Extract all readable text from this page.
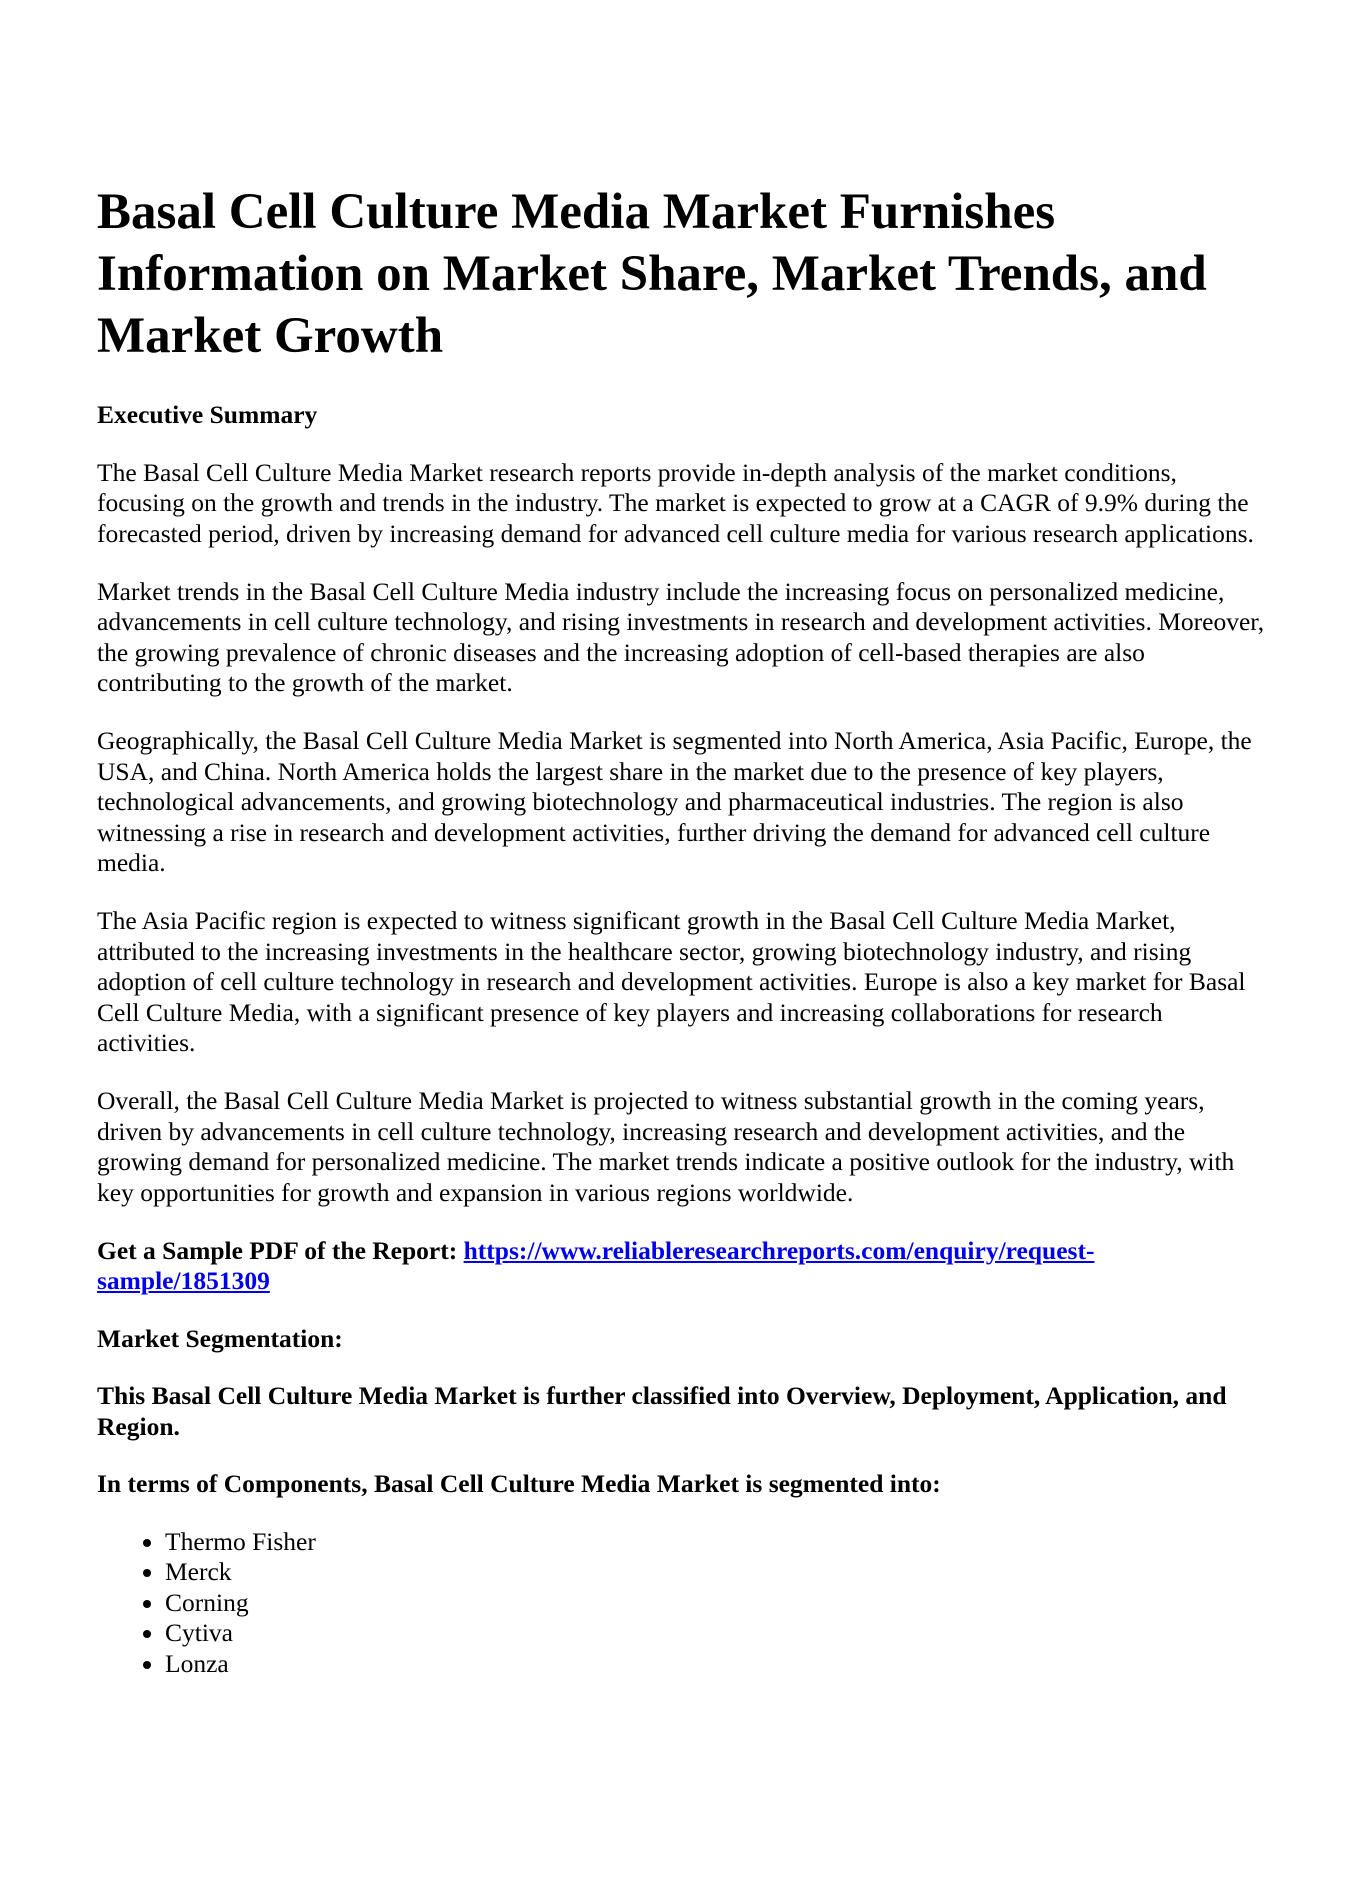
Basal Cell Culture Media Market Furnishes Information on Market Share, Market Trends, and Market Growth
Executive Summary

The Basal Cell Culture Media Market research reports provide in-depth analysis of the market conditions, focusing on the growth and trends in the industry. The market is expected to grow at a CAGR of 9.9% during the forecasted period, driven by increasing demand for advanced cell culture media for various research applications.

Market trends in the Basal Cell Culture Media industry include the increasing focus on personalized medicine, advancements in cell culture technology, and rising investments in research and development activities. Moreover, the growing prevalence of chronic diseases and the increasing adoption of cell-based therapies are also contributing to the growth of the market.

Geographically, the Basal Cell Culture Media Market is segmented into North America, Asia Pacific, Europe, the USA, and China. North America holds the largest share in the market due to the presence of key players, technological advancements, and growing biotechnology and pharmaceutical industries. The region is also witnessing a rise in research and development activities, further driving the demand for advanced cell culture media.

The Asia Pacific region is expected to witness significant growth in the Basal Cell Culture Media Market, attributed to the increasing investments in the healthcare sector, growing biotechnology industry, and rising adoption of cell culture technology in research and development activities. Europe is also a key market for Basal Cell Culture Media, with a significant presence of key players and increasing collaborations for research activities.

Overall, the Basal Cell Culture Media Market is projected to witness substantial growth in the coming years, driven by advancements in cell culture technology, increasing research and development activities, and the growing demand for personalized medicine. The market trends indicate a positive outlook for the industry, with key opportunities for growth and expansion in various regions worldwide.

Get a Sample PDF of the Report: https://www.reliableresearchreports.com/enquiry/request-sample/1851309
Market Segmentation:
This Basal Cell Culture Media Market is further classified into Overview, Deployment, Application, and Region.
In terms of Components, Basal Cell Culture Media Market is segmented into:
• Thermo Fisher
• Merck
• Corning
• Cytiva
• Lonza
